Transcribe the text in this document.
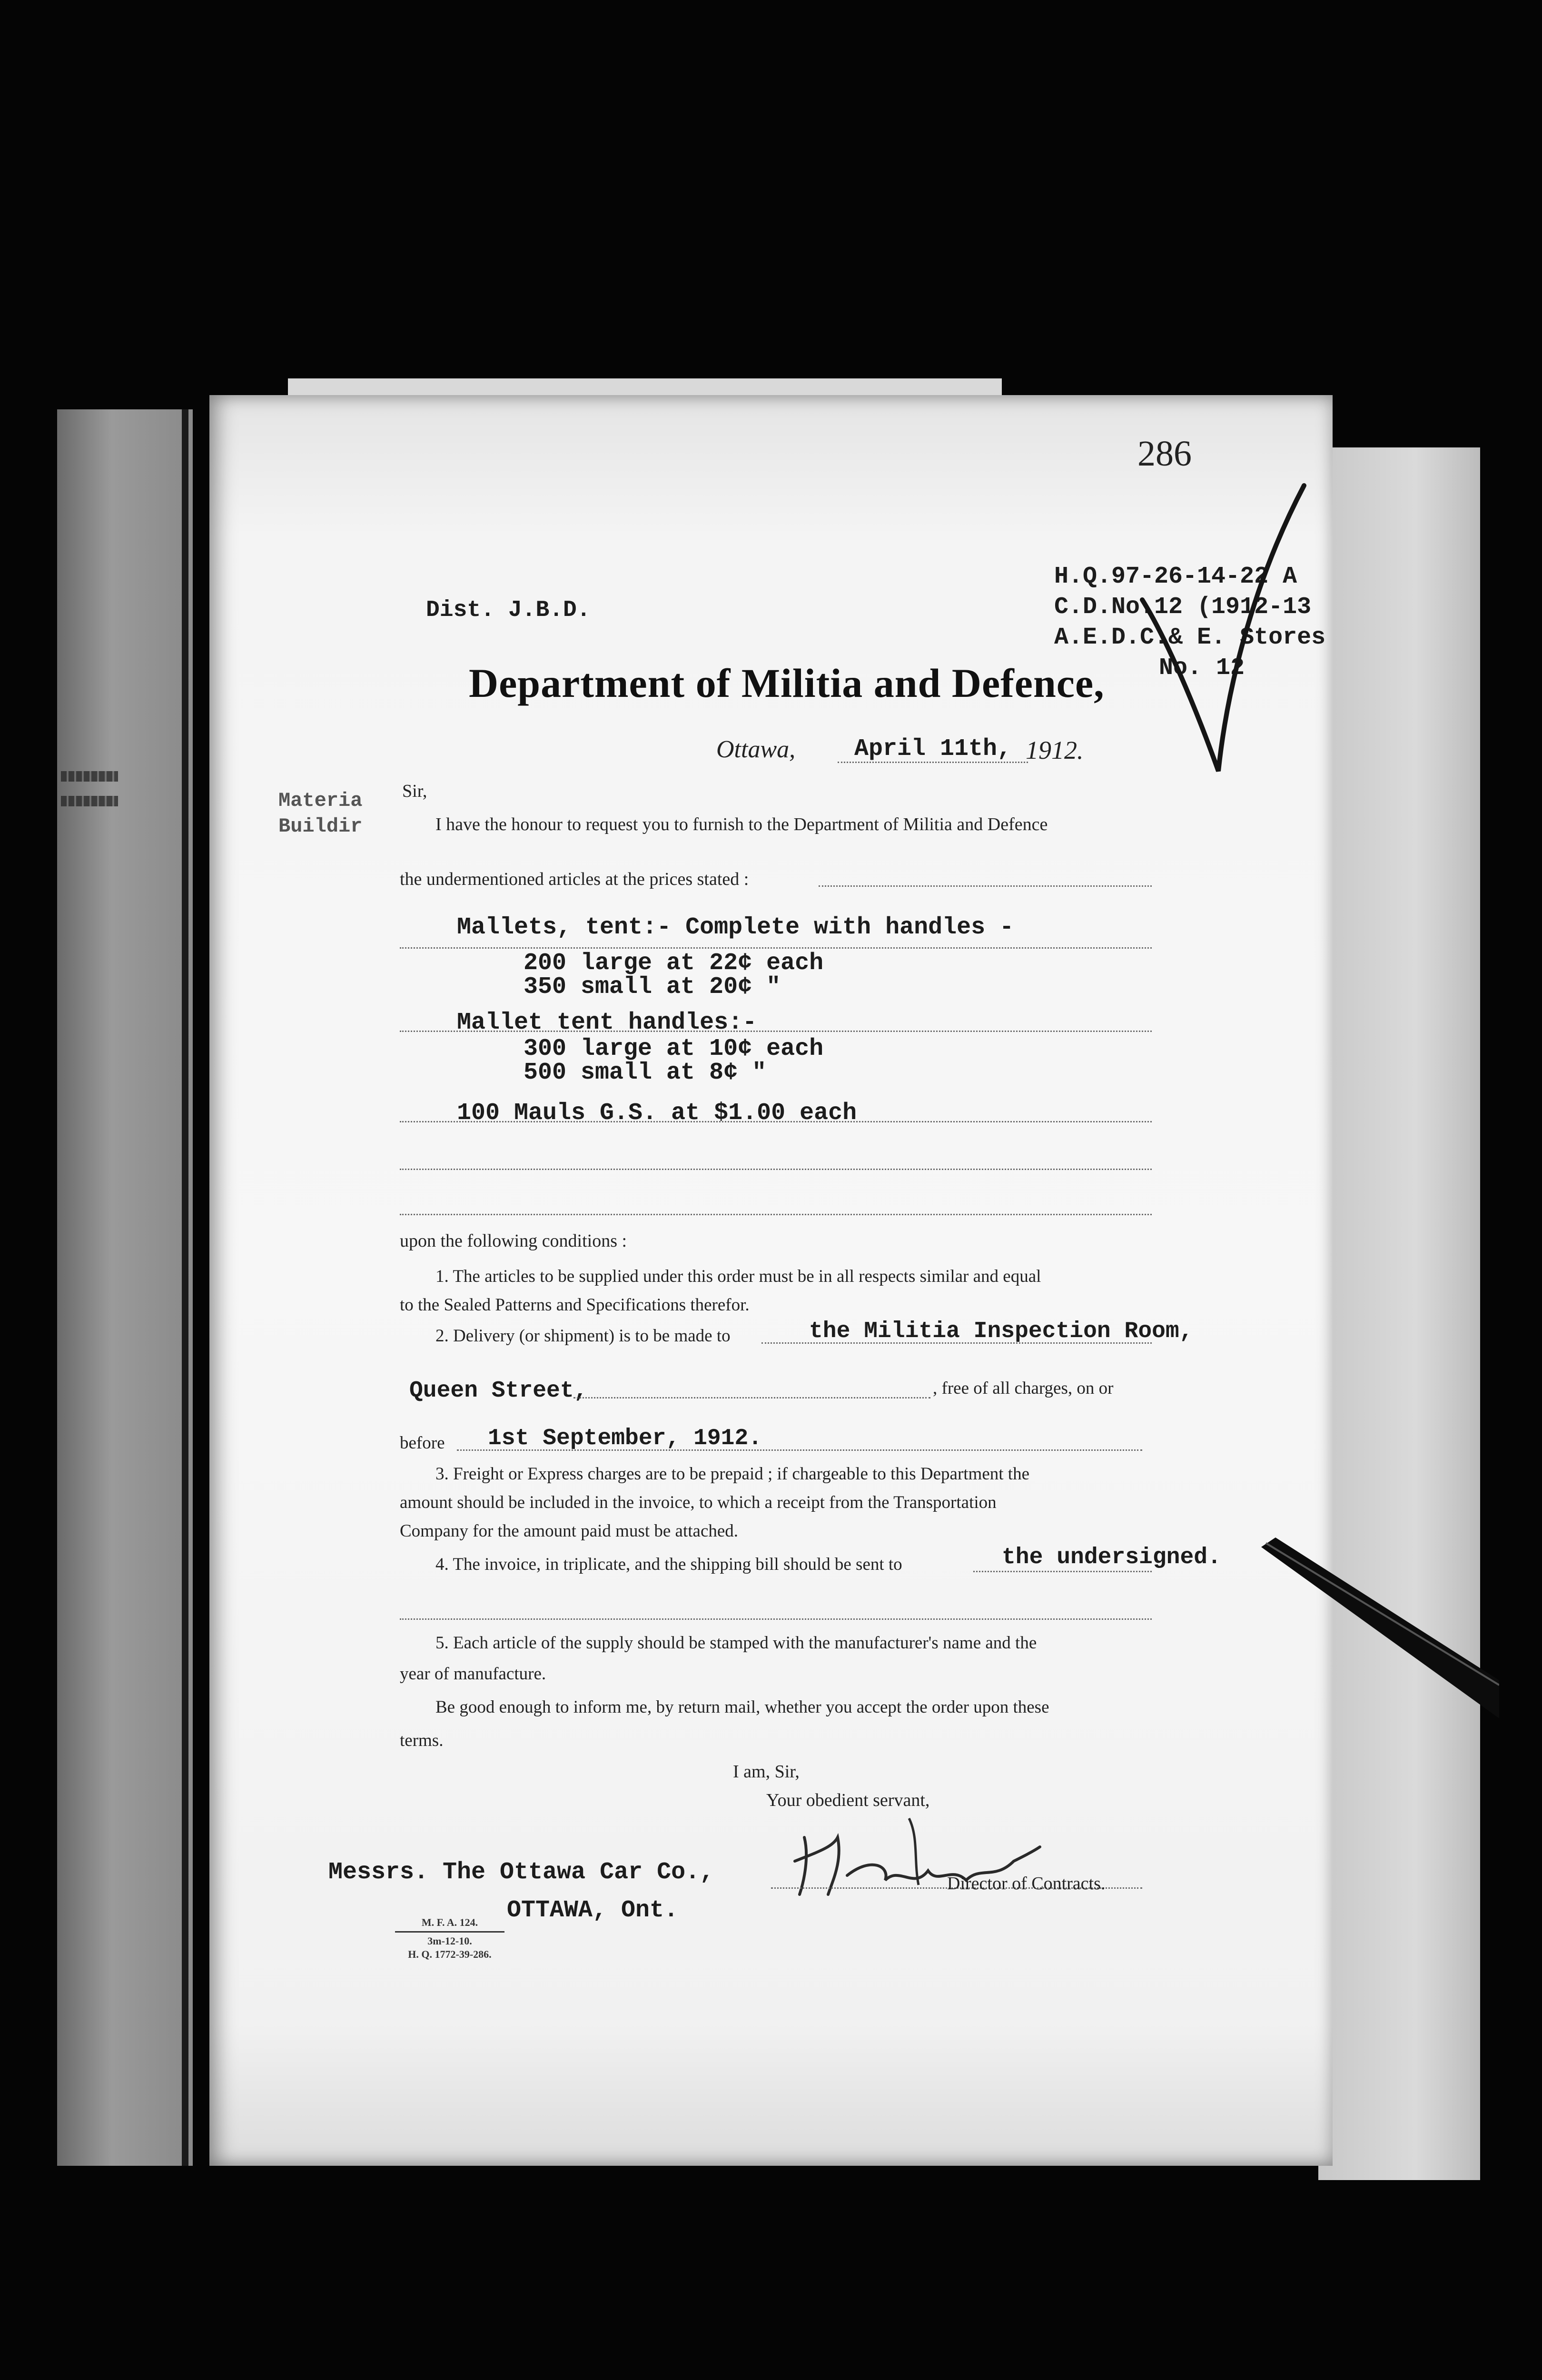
286
H.Q.97-26-14-22 A
C.D.No.12 (1912-13
A.E.D.C.& E. Stores
No. 12
Dist. J.B.D.
Department of Militia and Defence,
Ottawa, April 11th, 1912.
Materia
Buildir
Sir,
I have the honour to request you to furnish to the Department of Militia and Defence
the undermentioned articles at the prices stated :
Mallets, tent:- Complete with handles -
200 large at 22¢ each
350 small at 20¢ "
Mallet tent handles:-
300 large at 10¢ each
500 small at 8¢ "
100 Mauls G.S. at $1.00 each
upon the following conditions :
1. The articles to be supplied under this order must be in all respects similar and equal
to the Sealed Patterns and Specifications therefor.
2. Delivery (or shipment) is to be made to	the Militia Inspection Room,
Queen Street,	, free of all charges, on or
before 1st September, 1912.
3. Freight or Express charges are to be prepaid ; if chargeable to this Department the
amount should be included in the invoice, to which a receipt from the Transportation
Company for the amount paid must be attached.
4. The invoice, in triplicate, and the shipping bill should be sent to	the undersigned.
5. Each article of the supply should be stamped with the manufacturer's name and the
year of manufacture.
Be good enough to inform me, by return mail, whether you accept the order upon these
terms.
I am, Sir,
Your obedient servant,
Director of Contracts.
Messrs. The Ottawa Car Co.,
OTTAWA, Ont.
M. F. A. 124.
3m-12-10.
H. Q. 1772-39-286.
